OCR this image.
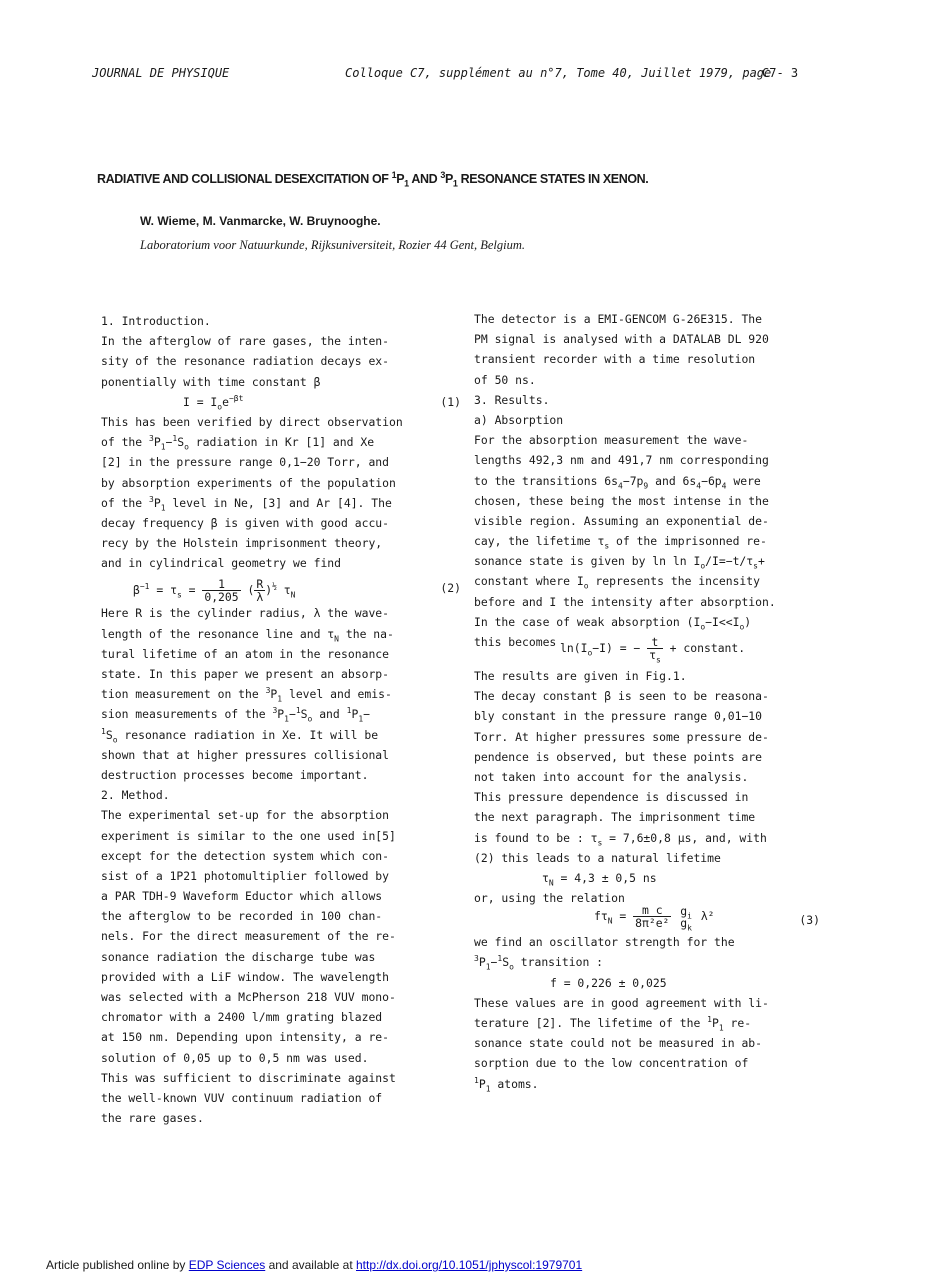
JOURNAL DE PHYSIQUE	Colloque C7, supplément au n°7, Tome 40, Juillet 1979, page
C7- 3
RADIATIVE AND COLLISIONAL DESEXCITATION OF $^1P_1$ AND $^3P_1$ RESONANCE STATES IN XENON.
W. Wieme, M. Vanmarcke, W. Bruynooghe.
Laboratorium voor Natuurkunde, Rijksuniversiteit, Rozier 44 Gent, Belgium.
1. Introduction.
In the afterglow of rare gases, the inten-
sity of the resonance radiation decays ex-
ponentially with time constant β
$I = I_oe^{-\beta t}$	(1)
This has been verified by direct observation
of the $^3P_1-^1S_o$ radiation in Kr [1] and Xe
[2] in the pressure range 0,1−20 Torr, and
by absorption experiments of the population
of the $^3P_1$ level in Ne, [3] and Ar [4]. The
decay frequency β is given with good accu-
recy by the Holstein imprisonment theory,
and in cylindrical geometry we find
$\beta^{-1} = \tau_s = \frac{1}{0,205}$ ( $\frac{R}{\lambda} )^{\frac{1}{2}}$ $\tau_N$	(2)
Here R is the cylinder radius, λ the wave-
length of the resonance line and $\tau_N$ the na-
tural lifetime of an atom in the resonance
state. In this paper we present an absorp-
tion measurement on the $^3P_1$ level and emis-
sion measurements of the $^3P_1-^1S_o$ and $^1P_1-$
$^1S_o$ resonance radiation in Xe. It will be
shown that at higher pressures collisional
destruction processes become important.
2. Method.
The experimental set-up for the absorption
experiment is similar to the one used in[5]
except for the detection system which con-
sist of a 1P21 photomultiplier followed by
a PAR TDH-9 Waveform Eductor which allows
the afterglow to be recorded in 100 chan-
nels. For the direct measurement of the re-
sonance radiation the discharge tube was
provided with a LiF window. The wavelength
was selected with a McPherson 218 VUV mono-
chromator with a 2400 l/mm grating blazed
at 150 nm. Depending upon intensity, a re-
solution of 0,05 up to 0,5 nm was used.
This was sufficient to discriminate against
the well-known VUV continuum radiation of
the rare gases.
The detector is a EMI-GENCOM G-26E315. The
PM signal is analysed with a DATALAB DL 920
transient recorder with a time resolution
of 50 ns.
3. Results.
a) Absorption
For the absorption measurement the wave-
lengths 492,3 nm and 491,7 nm corresponding
to the transitions $6s_4-7p_9$ and $6s_4-6p_4$ were
chosen, these being the most intense in the
visible region. Assuming an exponential de-
cay, the lifetime $\tau_s$ of the imprisonned re-
sonance state is given by $\ln \ln I_o/I=-t/\tau_s+$
constant where $I_o$ represents the incensity
before and I the intensity after absorption.
In the case of weak absorption $(I_o-I<<I_o)$
this becomes $\ln(I_o-I)$ = − $\frac{t}{\tau_s}$ + constant.
The results are given in Fig.1.
The decay constant β is seen to be reasona-
bly constant in the pressure range 0,01−10
Torr. At higher pressures some pressure de-
pendence is observed, but these points are
not taken into account for the analysis.
This pressure dependence is discussed in
the next paragraph. The imprisonment time
is found to be : $\tau_s = 7,6\pm 0,8$ μs, and, with
(2) this leads to a natural lifetime
$\tau_N = 4,3 \pm 0,5$ ns
or, using the relation
$f\tau_N = \frac{\text{m c}}{\text{8π²e²}}$
$g_i$
$g_k$
λ²	(3)
we find an oscillator strength for the
$^3P_1-^1S_o$ transition :
f = 0,226 ± 0,025
These values are in good agreement with li-
terature [2]. The lifetime of the $^1P_1$ re-
sonance state could not be measured in ab-
sorption due to the low concentration of
$^1P_1$ atoms.
Article published online by EDP Sciences and available at http://dx.doi.org/10.1051/jphyscol:1979701
